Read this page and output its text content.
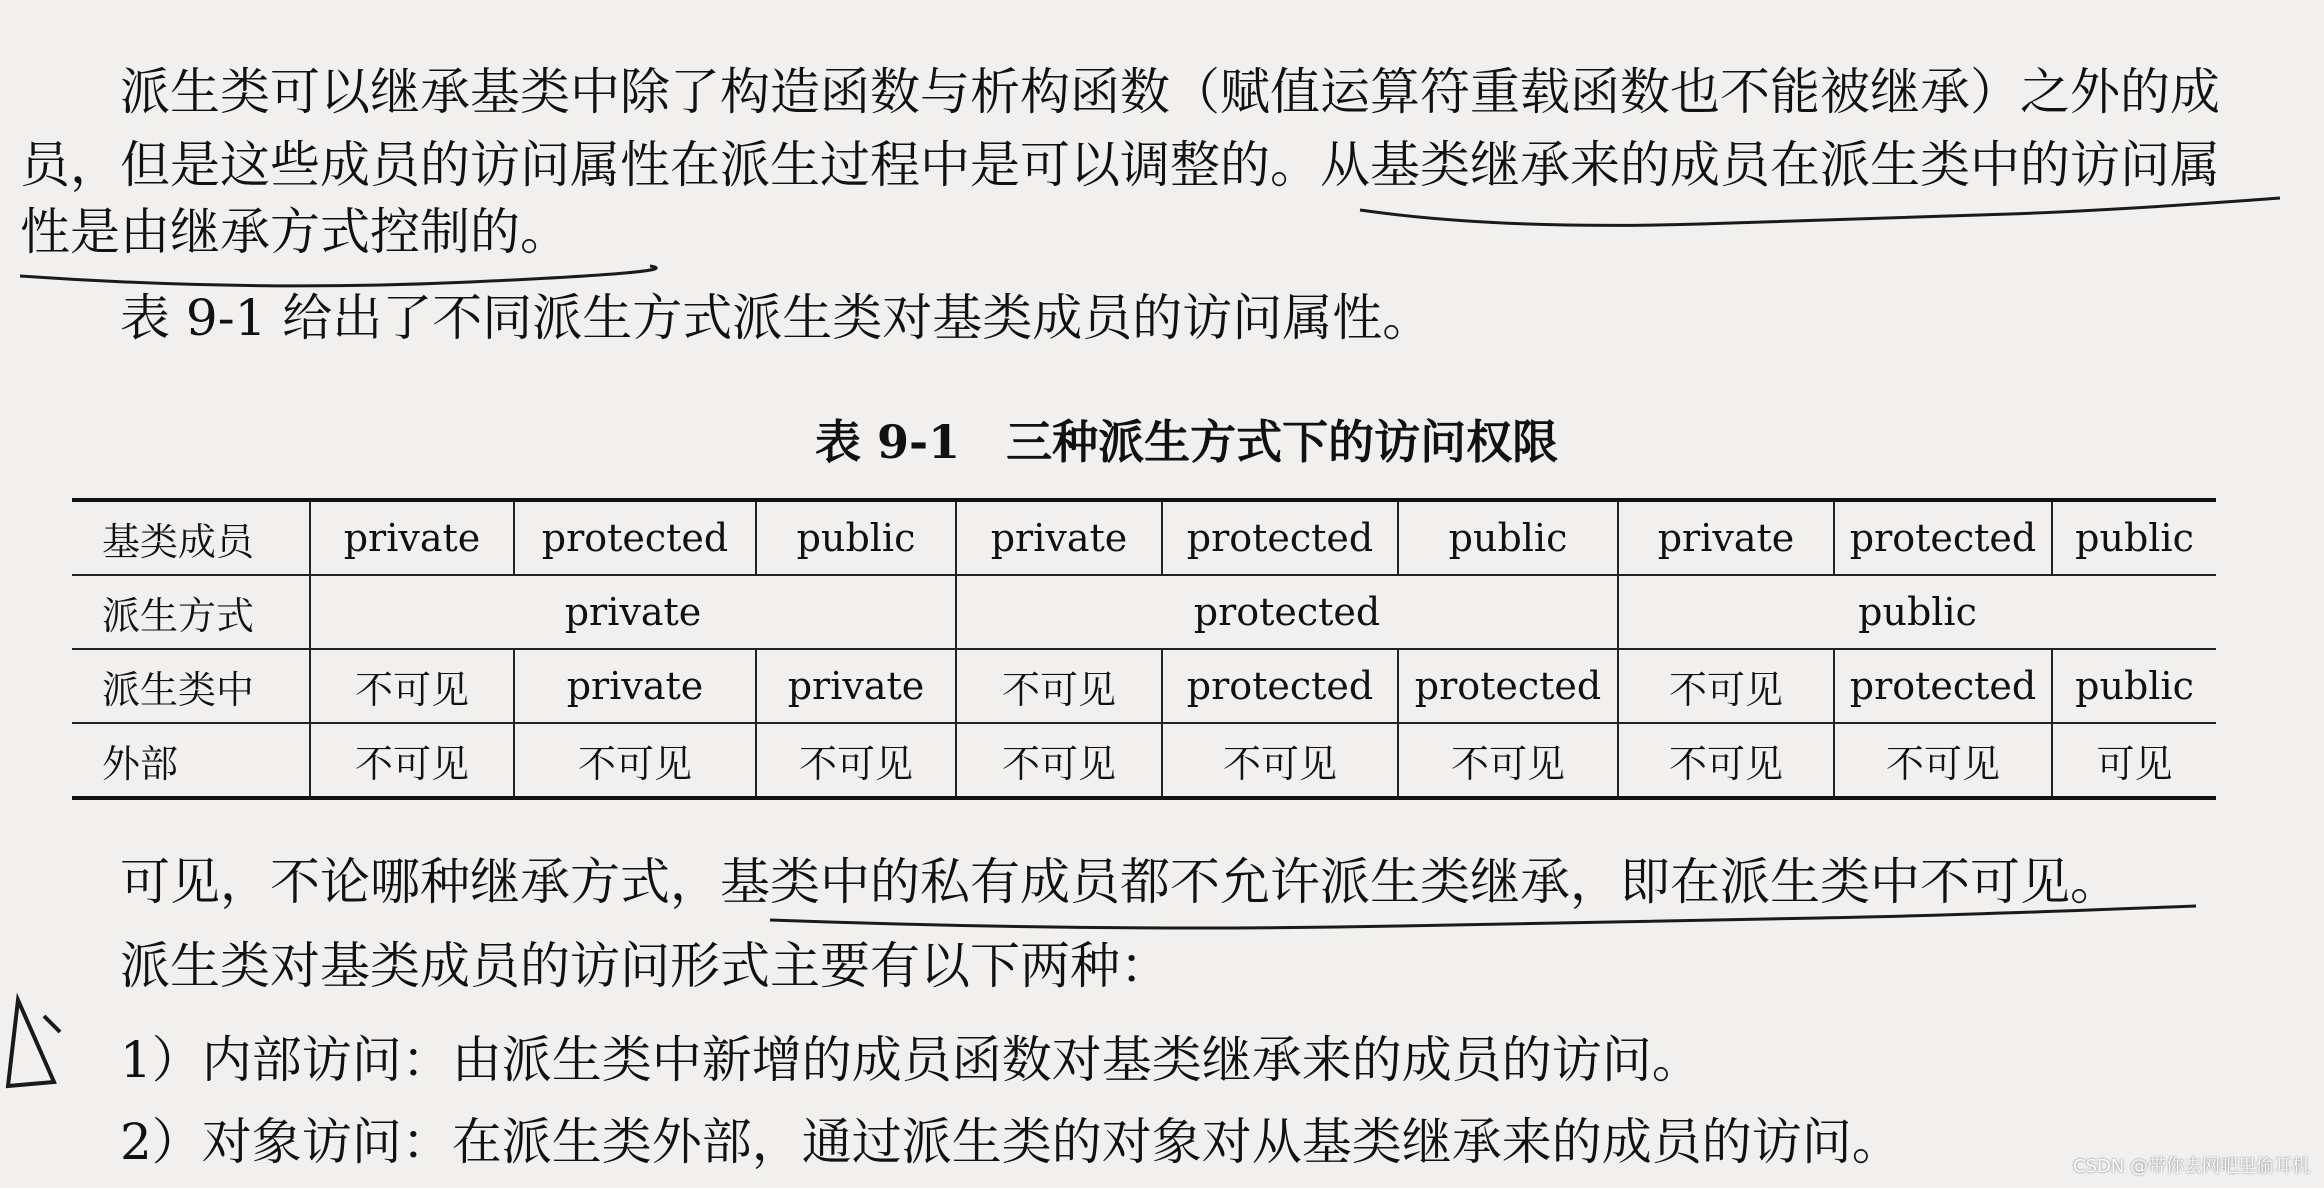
派生类可以继承基类中除了构造函数与析构函数（赋值运算符重载函数也不能被继承）之外的成
员，但是这些成员的访问属性在派生过程中是可以调整的。从基类继承来的成员在派生类中的访问属
性是由继承方式控制的。
表 9-1 给出了不同派生方式派生类对基类成员的访问属性。
表 9-1 三种派生方式下的访问权限
基类成员	private	protected	public	private	protected	public	private	protected	public
派生方式	private			protected			public		
派生类中	不可见	private	private	不可见	protected	protected	不可见	protected	public
外部	不可见	不可见	不可见	不可见	不可见	不可见	不可见	不可见	可见
可见，不论哪种继承方式，基类中的私有成员都不允许派生类继承，即在派生类中不可见。
派生类对基类成员的访问形式主要有以下两种：
1）内部访问：由派生类中新增的成员函数对基类继承来的成员的访问。
2）对象访问：在派生类外部，通过派生类的对象对从基类继承来的成员的访问。	CSDN @带你去网吧里偷耳机
